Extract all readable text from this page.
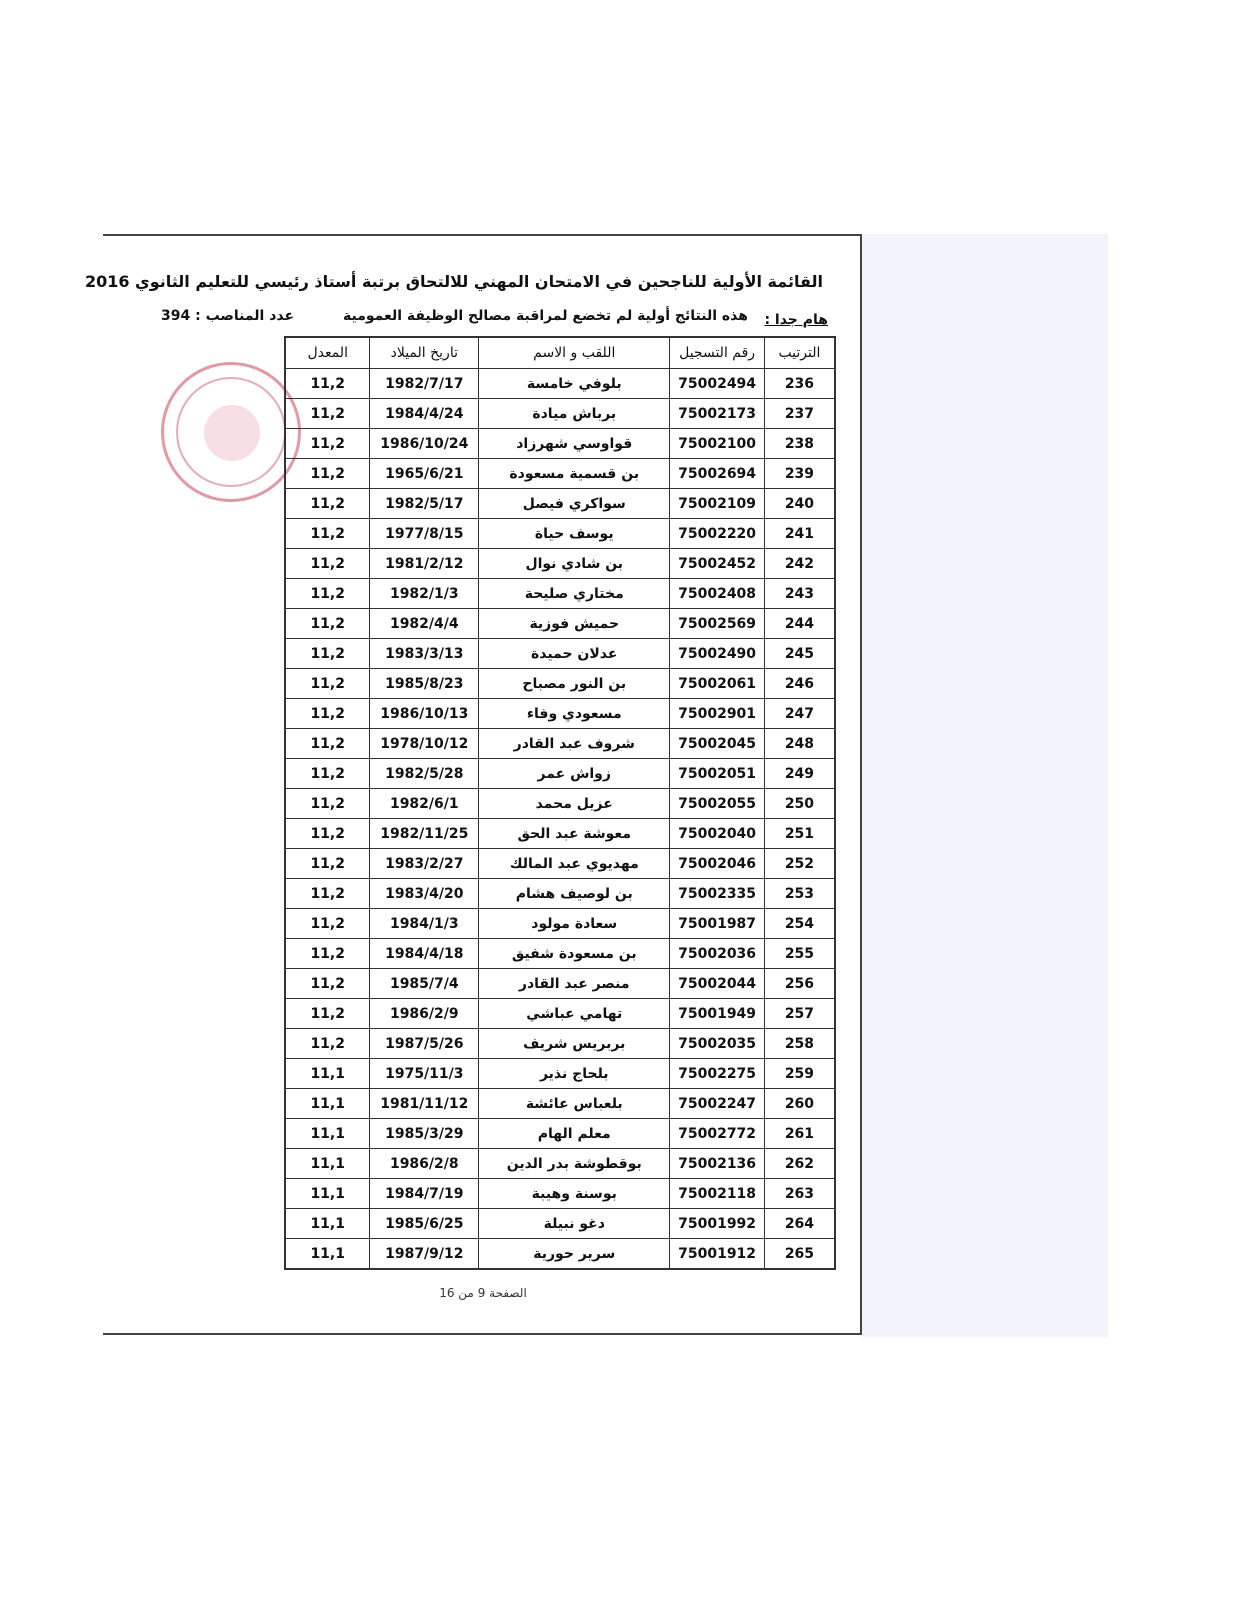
القائمة الأولية للناجحين في الامتحان المهني للالتحاق برتبة أستاذ رئيسي للتعليم الثانوي 2016
هام جدا :
هذه النتائج أولية لم تخضع لمراقبة مصالح الوظيفة العمومية
عدد المناصب : 394
الترتيب	رقم التسجيل	اللقب و الاسم	تاريخ الميلاد	المعدل
236	75002494	بلوفي خامسة	1982/7/17	11,2
237	75002173	برباش ميادة	1984/4/24	11,2
238	75002100	قواوسي شهرزاد	1986/10/24	11,2
239	75002694	بن قسمية مسعودة	1965/6/21	11,2
240	75002109	سواكري فيصل	1982/5/17	11,2
241	75002220	يوسف حياة	1977/8/15	11,2
242	75002452	بن شادي نوال	1981/2/12	11,2
243	75002408	مختاري صليحة	1982/1/3	11,2
244	75002569	حميش فوزية	1982/4/4	11,2
245	75002490	عدلان حميدة	1983/3/13	11,2
246	75002061	بن النور مصباح	1985/8/23	11,2
247	75002901	مسعودي وفاء	1986/10/13	11,2
248	75002045	شروف عبد القادر	1978/10/12	11,2
249	75002051	زواش عمر	1982/5/28	11,2
250	75002055	عزيل محمد	1982/6/1	11,2
251	75002040	معوشة عبد الحق	1982/11/25	11,2
252	75002046	مهديوي عبد المالك	1983/2/27	11,2
253	75002335	بن لوصيف هشام	1983/4/20	11,2
254	75001987	سعادة مولود	1984/1/3	11,2
255	75002036	بن مسعودة شفيق	1984/4/18	11,2
256	75002044	منصر عبد القادر	1985/7/4	11,2
257	75001949	تهامي عباشي	1986/2/9	11,2
258	75002035	بربريس شريف	1987/5/26	11,2
259	75002275	بلحاج نذير	1975/11/3	11,1
260	75002247	بلعباس عائشة	1981/11/12	11,1
261	75002772	معلم الهام	1985/3/29	11,1
262	75002136	بوقطوشة بدر الدين	1986/2/8	11,1
263	75002118	بوسنة وهيبة	1984/7/19	11,1
264	75001992	دغو نبيلة	1985/6/25	11,1
265	75001912	سرير حورية	1987/9/12	11,1
الصفحة 9 من 16
